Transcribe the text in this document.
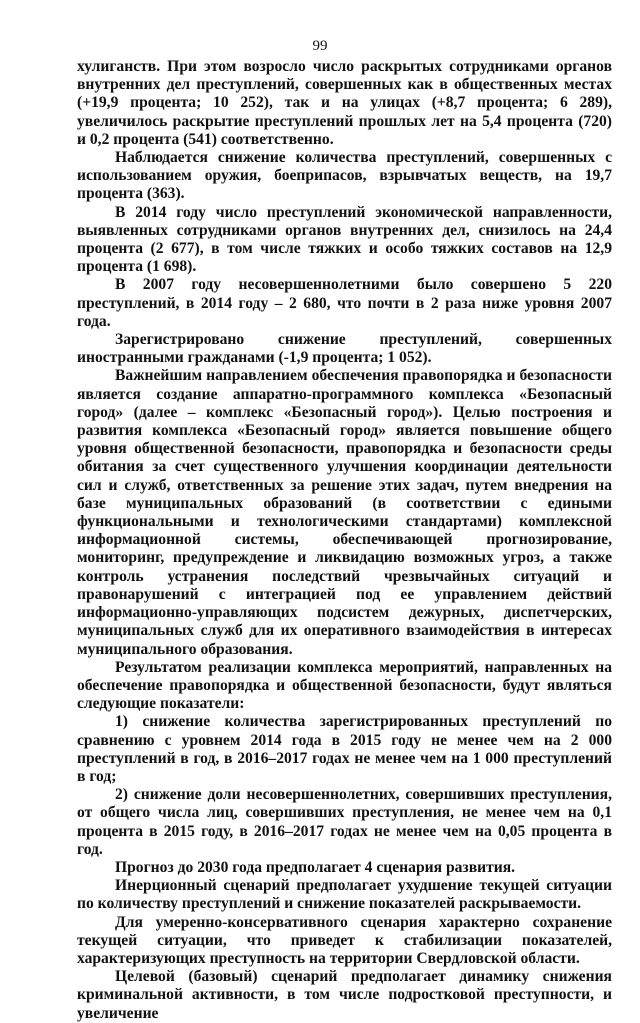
99

хулиганств. При этом возросло число раскрытых сотрудниками органов внутренних дел преступлений, совершенных как в общественных местах (+19,9 процента; 10 252), так и на улицах (+8,7 процента; 6 289), увеличилось раскрытие преступлений прошлых лет на 5,4 процента (720) и 0,2 процента (541) соответственно.

Наблюдается снижение количества преступлений, совершенных с использованием оружия, боеприпасов, взрывчатых веществ, на 19,7 процента (363).

В 2014 году число преступлений экономической направленности, выявленных сотрудниками органов внутренних дел, снизилось на 24,4 процента (2 677), в том числе тяжких и особо тяжких составов на 12,9 процента (1 698).

В 2007 году несовершеннолетними было совершено 5 220 преступлений, в 2014 году – 2 680, что почти в 2 раза ниже уровня 2007 года.

Зарегистрировано снижение преступлений, совершенных иностранными гражданами (-1,9 процента; 1 052).

Важнейшим направлением обеспечения правопорядка и безопасности является создание аппаратно-программного комплекса «Безопасный город» (далее – комплекс «Безопасный город»). Целью построения и развития комплекса «Безопасный город» является повышение общего уровня общественной безопасности, правопорядка и безопасности среды обитания за счет существенного улучшения координации деятельности сил и служб, ответственных за решение этих задач, путем внедрения на базе муниципальных образований (в соответствии с едиными функциональными и технологическими стандартами) комплексной информационной системы, обеспечивающей прогнозирование, мониторинг, предупреждение и ликвидацию возможных угроз, а также контроль устранения последствий чрезвычайных ситуаций и правонарушений с интеграцией под ее управлением действий информационно-управляющих подсистем дежурных, диспетчерских, муниципальных служб для их оперативного взаимодействия в интересах муниципального образования.

Результатом реализации комплекса мероприятий, направленных на обеспечение правопорядка и общественной безопасности, будут являться следующие показатели:

1) снижение количества зарегистрированных преступлений по сравнению с уровнем 2014 года в 2015 году не менее чем на 2 000 преступлений в год, в 2016–2017 годах не менее чем на 1 000 преступлений в год;

2) снижение доли несовершеннолетних, совершивших преступления, от общего числа лиц, совершивших преступления, не менее чем на 0,1 процента в 2015 году, в 2016–2017 годах не менее чем на 0,05 процента в год.

Прогноз до 2030 года предполагает 4 сценария развития.

Инерционный сценарий предполагает ухудшение текущей ситуации по количеству преступлений и снижение показателей раскрываемости.

Для умеренно-консервативного сценария характерно сохранение текущей ситуации, что приведет к стабилизации показателей, характеризующих преступность на территории Свердловской области.

Целевой (базовый) сценарий предполагает динамику снижения криминальной активности, в том числе подростковой преступности, и увеличение
